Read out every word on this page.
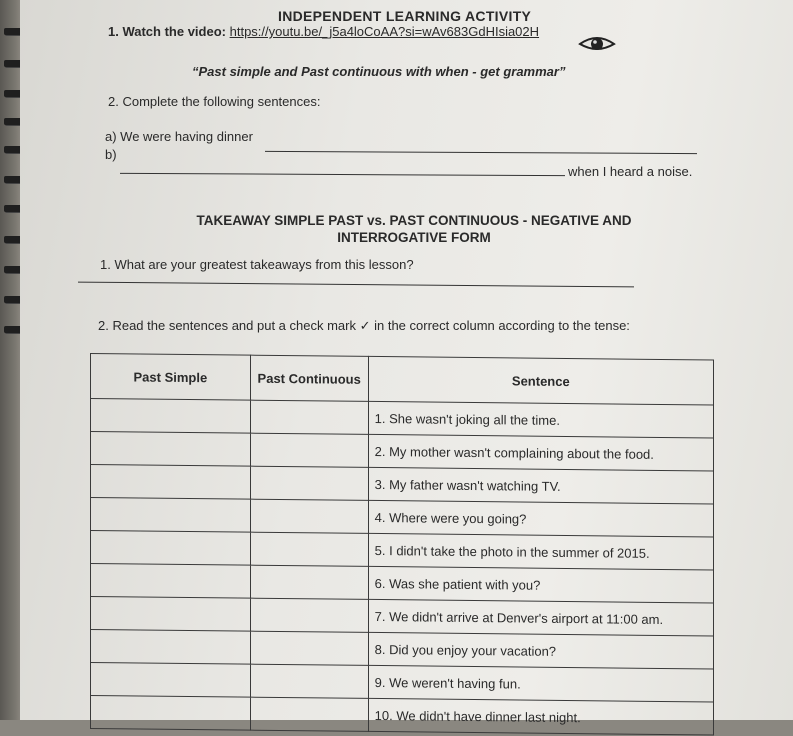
INDEPENDENT LEARNING ACTIVITY
1. Watch the video: https://youtu.be/_j5a4loCoAA?si=wAv683GdHIsia02H
“Past simple and Past continuous with when - get grammar”
2. Complete the following sentences:
a) We were having dinner
b)
when I heard a noise.
TAKEAWAY SIMPLE PAST vs. PAST CONTINUOUS - NEGATIVE AND INTERROGATIVE FORM
1. What are your greatest takeaways from this lesson?
2. Read the sentences and put a check mark ✓ in the correct column according to the tense:
Past Simple	Past Continuous	Sentence
		1. She wasn't joking all the time.
		2. My mother wasn't complaining about the food.
		3. My father wasn't watching TV.
		4. Where were you going?
		5. I didn't take the photo in the summer of 2015.
		6. Was she patient with you?
		7. We didn't arrive at Denver's airport at 11:00 am.
		8. Did you enjoy your vacation?
		9. We weren't having fun.
		10. We didn't have dinner last night.
